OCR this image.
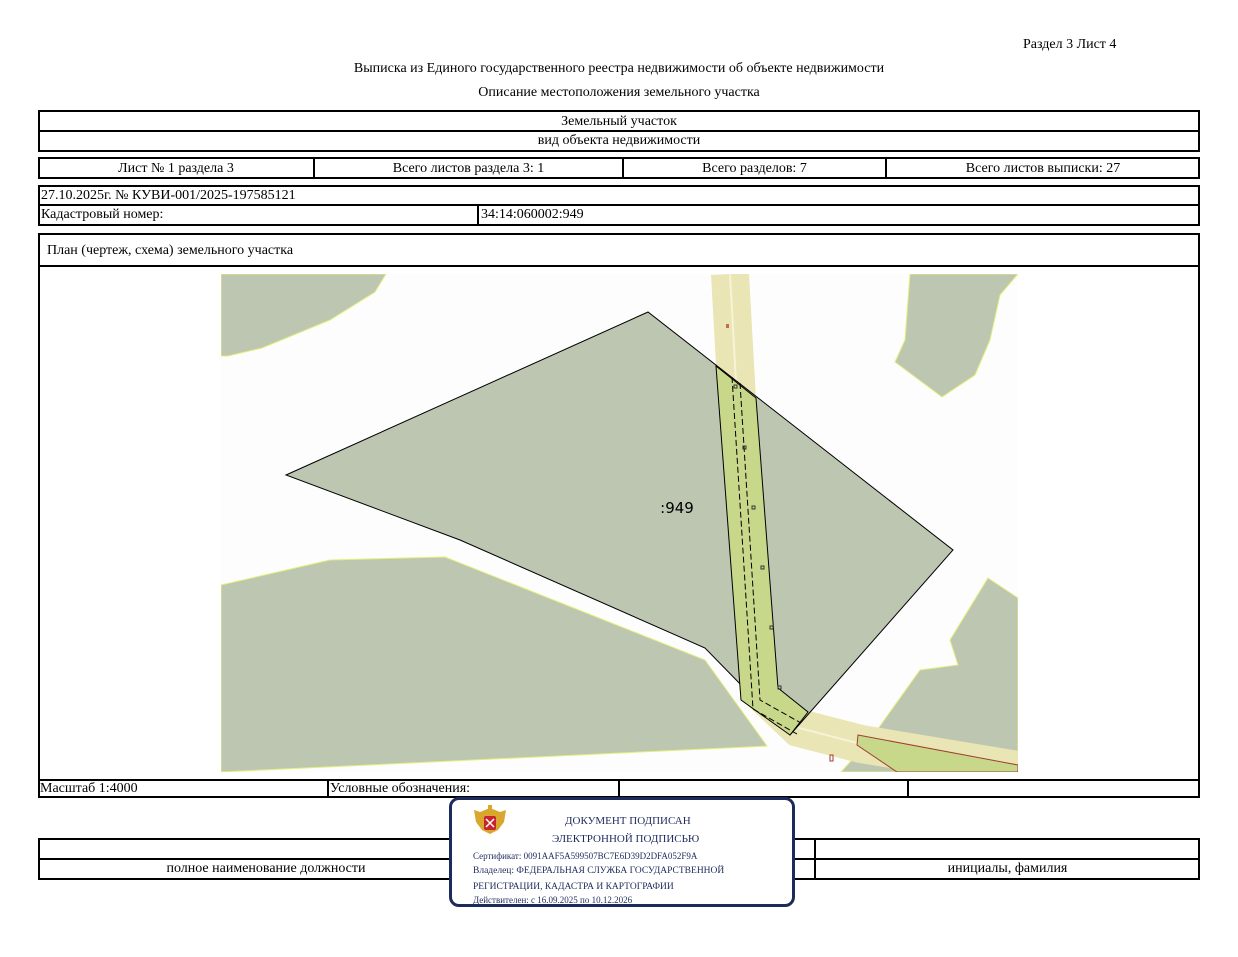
Раздел 3 Лист 4
Выписка из Единого государственного реестра недвижимости об объекте недвижимости
Описание местоположения земельного участка
Земельный участок
вид объекта недвижимости
Лист № 1 раздела 3	Всего листов раздела 3: 1	Всего разделов: 7	Всего листов выписки: 27
27.10.2025г. № КУВИ-001/2025-197585121
Кадастровый номер:	34:14:060002:949
План (чертеж, схема) земельного участка
:949
Масштаб 1:4000	Условные обозначения:
полное наименование должности	инициалы, фамилия
ДОКУМЕНТ ПОДПИСАН
ЭЛЕКТРОННОЙ ПОДПИСЬЮ
Сертификат: 0091AAF5A599507BC7E6D39D2DFA052F9A
Владелец: ФЕДЕРАЛЬНАЯ СЛУЖБА ГОСУДАРСТВЕННОЙ
РЕГИСТРАЦИИ, КАДАСТРА И КАРТОГРАФИИ
Действителен: с 16.09.2025 по 10.12.2026
